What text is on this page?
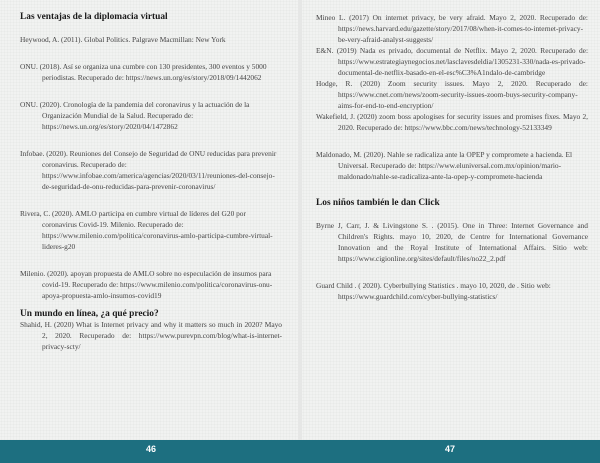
Las ventajas de la diplomacia virtual

Heywood, A. (2011). Global Politics. Palgrave Macmillan: New York

ONU. (2018). Así se organiza una cumbre con 130 presidentes, 300 eventos y 5000 periodistas. Recuperado de: https://news.un.org/es/story/2018/09/1442062

ONU. (2020). Cronología de la pandemia del coronavirus y la actuación de la Organización Mundial de la Salud. Recuperado de: https://news.un.org/es/story/2020/04/1472862

Infobae. (2020). Reuniones del Consejo de Seguridad de ONU reducidas para prevenir coronavirus. Recuperado de: https://www.infobae.com/america/agencias/2020/03/11/reuniones-del-consejo-de-seguridad-de-onu-reducidas-para-prevenir-coronavirus/

Rivera, C. (2020). AMLO participa en cumbre virtual de líderes del G20 por coronavirus Covid-19. Milenio. Recuperado de: https://www.milenio.com/politica/coronavirus-amlo-participa-cumbre-virtual-lideres-g20

Milenio. (2020). apoyan propuesta de AMLO sobre no especulación de insumos para covid-19. Recuperado de: https://www.milenio.com/politica/coronavirus-onu-apoya-propuesta-amlo-insumos-covid19

Un mundo en línea, ¿a qué precio?

Shahid, H. (2020) What is Internet privacy and why it matters so much in 2020? Mayo 2, 2020. Recuperado de: https://www.purevpn.com/blog/what-is-internet-privacy-scty/

Mineo L. (2017) On internet privacy, be very afraid. Mayo 2, 2020. Recuperado de: https://news.harvard.edu/gazette/story/2017/08/when-it-comes-to-internet-privacy-be-very-afraid-analyst-suggests/

E&N. (2019) Nada es privado, documental de Netflix. Mayo 2, 2020. Recuperado de: https://www.estrategiaynegocios.net/lasclavesdeldia/1305231-330/nada-es-privado-documental-de-netflix-basado-en-el-esc%C3%A1ndalo-de-cambridge

Hodge, R. (2020) Zoom security issues. Mayo 2, 2020. Recuperado de: https://www.cnet.com/news/zoom-security-issues-zoom-buys-security-company-aims-for-end-to-end-encryption/

Wakefield, J. (2020) zoom boss apologises for security issues and promises fixes. Mayo 2, 2020. Recuperado de: https://www.bbc.com/news/technology-52133349

Maldonado, M. (2020). Nahle se radicaliza ante la OPEP y compromete a hacienda. El Universal. Recuperado de: https://www.eluniversal.com.mx/opinion/mario-maldonado/nahle-se-radicaliza-ante-la-opep-y-compromete-hacienda

Los niños también le dan Click

Byrne J, Carr, J. & Livingstone S. . (2015). One in Three: Internet Governance and Children's Rights. mayo 10, 2020, de Centre for International Governance Innovation and the Royal Institute of International Affairs. Sitio web: https://www.cigionline.org/sites/default/files/no22_2.pdf

Guard Child . ( 2020). Cyberbullying Statistics . mayo 10, 2020, de . Sitio web: https://www.guardchild.com/cyber-bullying-statistics/

46	47
